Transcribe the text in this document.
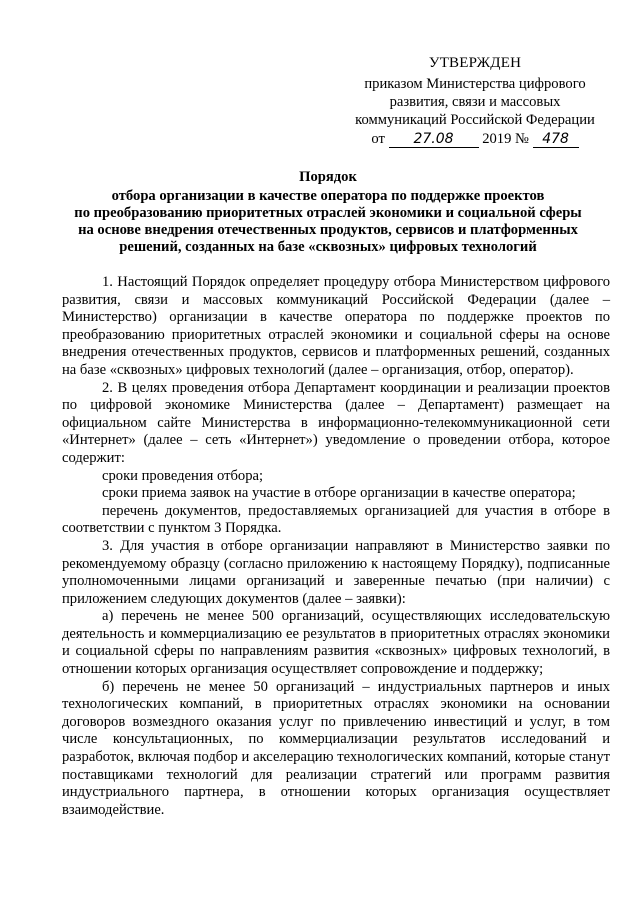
УТВЕРЖДЕН
приказом Министерства цифрового
развития, связи и массовых
коммуникаций Российской Федерации
от 27.08 2019 № 478
Порядок
отбора организации в качестве оператора по поддержке проектов
по преобразованию приоритетных отраслей экономики и социальной сферы
на основе внедрения отечественных продуктов, сервисов и платформенных
решений, созданных на базе «сквозных» цифровых технологий

1. Настоящий Порядок определяет процедуру отбора Министерством цифрового развития, связи и массовых коммуникаций Российской Федерации (далее – Министерство) организации в качестве оператора по поддержке проектов по преобразованию приоритетных отраслей экономики и социальной сферы на основе внедрения отечественных продуктов, сервисов и платформенных решений, созданных на базе «сквозных» цифровых технологий (далее – организация, отбор, оператор).

2. В целях проведения отбора Департамент координации и реализации проектов по цифровой экономике Министерства (далее – Департамент) размещает на официальном сайте Министерства в информационно-телекоммуникационной сети «Интернет» (далее – сеть «Интернет») уведомление о проведении отбора, которое содержит:

сроки проведения отбора;

сроки приема заявок на участие в отборе организации в качестве оператора;

перечень документов, предоставляемых организацией для участия в отборе в соответствии с пунктом 3 Порядка.

3. Для участия в отборе организации направляют в Министерство заявки по рекомендуемому образцу (согласно приложению к настоящему Порядку), подписанные уполномоченными лицами организаций и заверенные печатью (при наличии) с приложением следующих документов (далее – заявки):

а) перечень не менее 500 организаций, осуществляющих исследовательскую деятельность и коммерциализацию ее результатов в приоритетных отраслях экономики и социальной сферы по направлениям развития «сквозных» цифровых технологий, в отношении которых организация осуществляет сопровождение и поддержку;

б) перечень не менее 50 организаций – индустриальных партнеров и иных технологических компаний, в приоритетных отраслях экономики на основании договоров возмездного оказания услуг по привлечению инвестиций и услуг, в том числе консультационных, по коммерциализации результатов исследований и разработок, включая подбор и акселерацию технологических компаний, которые станут поставщиками технологий для реализации стратегий или программ развития индустриального партнера, в отношении которых организация осуществляет взаимодействие.
